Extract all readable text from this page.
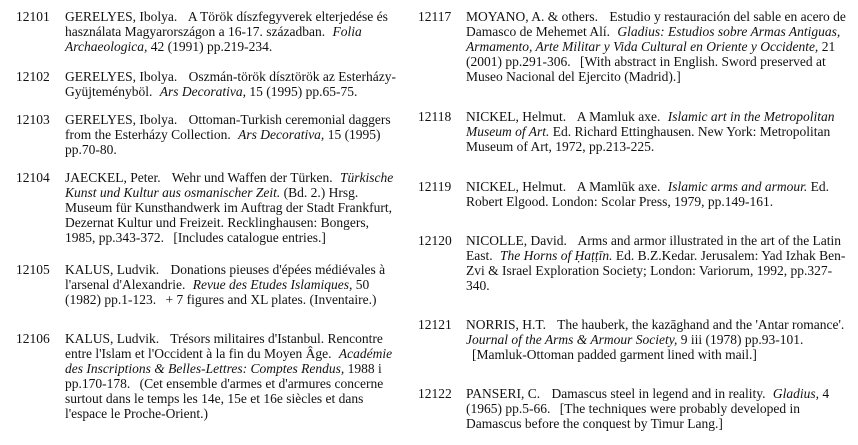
12101 GERELYES, Ibolya. A Török díszfegyverek elterjedése és használata Magyarországon a 16-17. században. Folia Archaeologica, 42 (1991) pp.219-234.
12102 GERELYES, Ibolya. Oszmán-török dísztörök az Esterházy-Gyüjteményböl. Ars Decorativa, 15 (1995) pp.65-75.
12103 GERELYES, Ibolya. Ottoman-Turkish ceremonial daggers from the Esterházy Collection. Ars Decorativa, 15 (1995) pp.70-80.
12104 JAECKEL, Peter. Wehr und Waffen der Türken. Türkische Kunst und Kultur aus osmanischer Zeit. (Bd. 2.) Hrsg. Museum für Kunsthandwerk im Auftrag der Stadt Frankfurt, Dezernat Kultur und Freizeit. Recklinghausen: Bongers, 1985, pp.343-372. [Includes catalogue entries.]
12105 KALUS, Ludvik. Donations pieuses d'épées médiévales à l'arsenal d'Alexandrie. Revue des Etudes Islamiques, 50 (1982) pp.1-123. + 7 figures and XL plates. (Inventaire.)
12106 KALUS, Ludvik. Trésors militaires d'Istanbul. Rencontre entre l'Islam et l'Occident à la fin du Moyen Âge. Académie des Inscriptions & Belles-Lettres: Comptes Rendus, 1988 i pp.170-178. (Cet ensemble d'armes et d'armures concerne surtout dans le temps les 14e, 15e et 16e siècles et dans l'espace le Proche-Orient.)
12117 MOYANO, A. & others. Estudio y restauración del sable en acero de Damasco de Mehemet Alí. Gladius: Estudios sobre Armas Antiguas, Armamento, Arte Militar y Vida Cultural en Oriente y Occidente, 21 (2001) pp.291-306. [With abstract in English. Sword preserved at Museo Nacional del Ejercito (Madrid).]
12118 NICKEL, Helmut. A Mamluk axe. Islamic art in the Metropolitan Museum of Art. Ed. Richard Ettinghausen. New York: Metropolitan Museum of Art, 1972, pp.213-225.
12119 NICKEL, Helmut. A Mamlūk axe. Islamic arms and armour. Ed. Robert Elgood. London: Scolar Press, 1979, pp.149-161.
12120 NICOLLE, David. Arms and armor illustrated in the art of the Latin East. The Horns of Ḥaṭṭīn. Ed. B.Z.Kedar. Jerusalem: Yad Izhak Ben-Zvi & Israel Exploration Society; London: Variorum, 1992, pp.327-340.
12121 NORRIS, H.T. The hauberk, the kazāghand and the 'Antar romance'. Journal of the Arms & Armour Society, 9 iii (1978) pp.93-101. [Mamluk-Ottoman padded garment lined with mail.]
12122 PANSERI, C. Damascus steel in legend and in reality. Gladius, 4 (1965) pp.5-66. [The techniques were probably developed in Damascus before the conquest by Timur Lang.]
